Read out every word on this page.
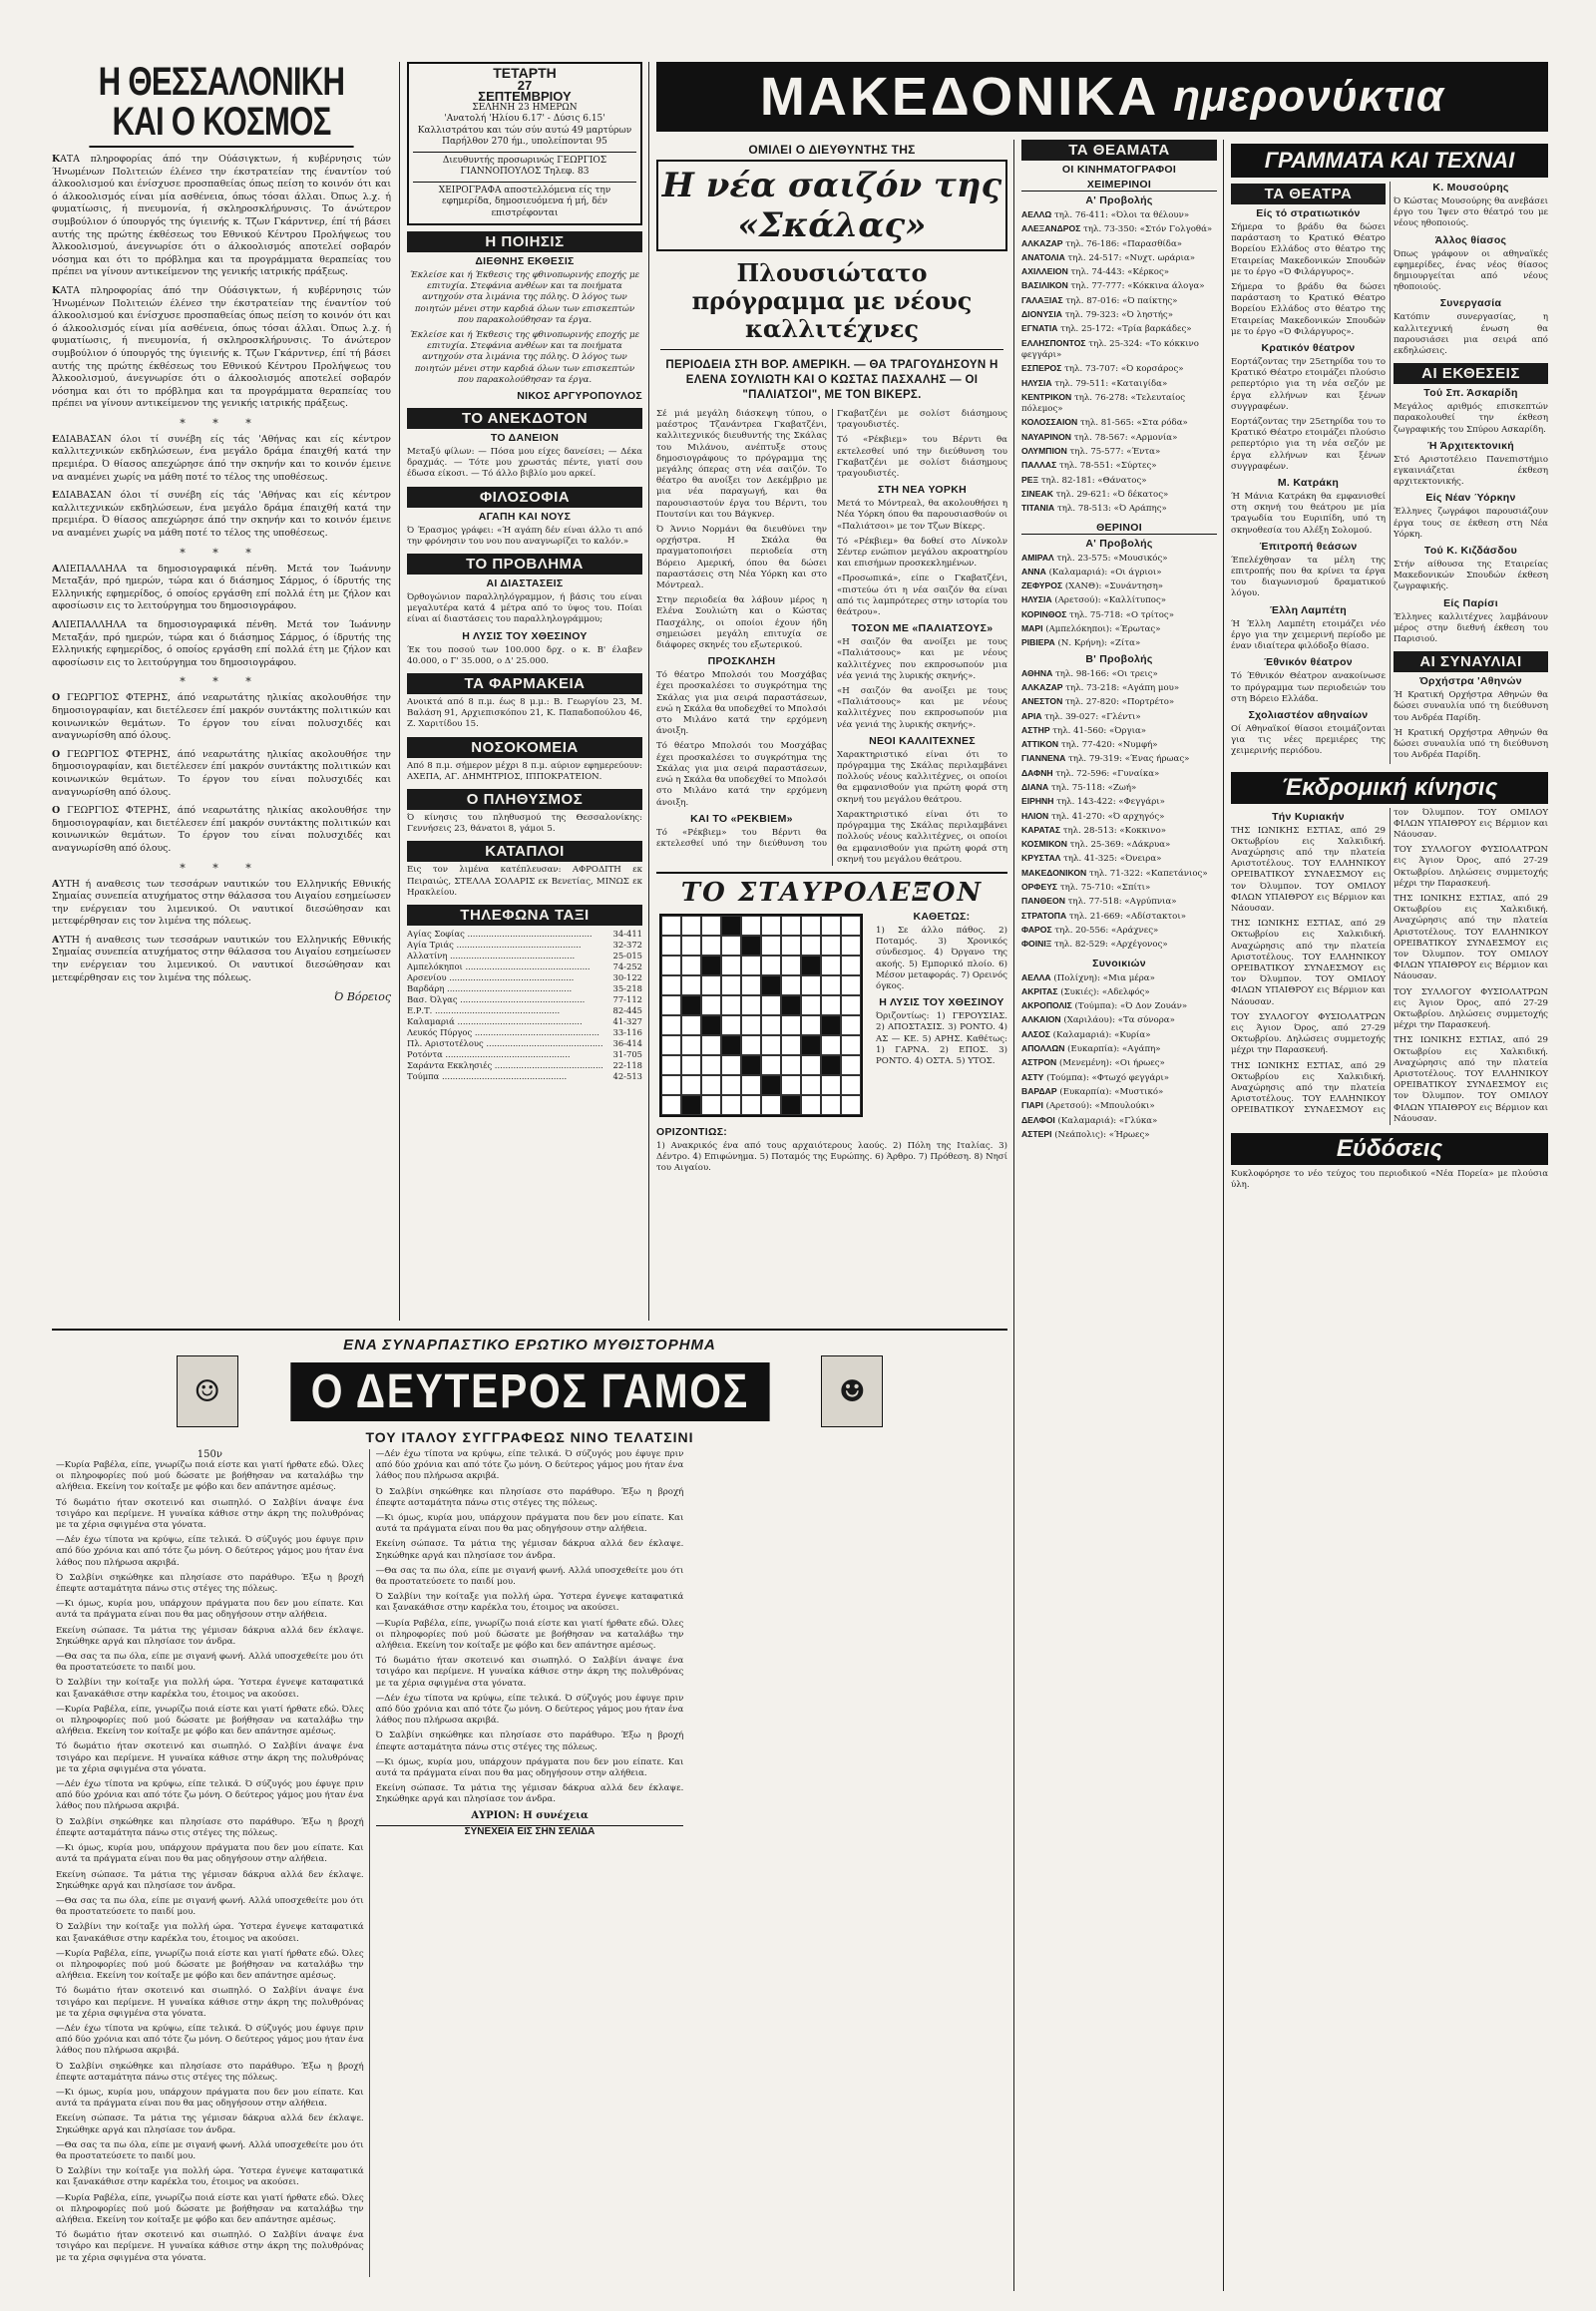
Η ΘΕΣΣΑΛΟΝΙΚΗ ΚΑΙ Ο ΚΟΣΜΟΣ

ΚΑΤΑ πληροφορίας άπό την Ούάσιγκτων, ή κυβέρνησις τών Ήνωμένων Πολιτειών έλένεσ την έκστρατείαν της έναντίον τού άλκοολισμού και ένίσχυσε προσπαθείας όπως πείση το κοινόν ότι και ό άλκοολισμός είναι μία ασθένεια, όπως τόσαι άλλαι. Όπως λ.χ. ή φυματίωσις, ή πνευμονία, ή σκληροσκλήρυνσις. Το άνώτερον συμβούλιον ό ύπουργός της ύγιεινής κ. Τζων Γκάρντνερ, έπί τή βάσει αυτής της πρώτης έκθέσεως του Εθνικού Κέντρου Προλήψεως του Άλκοολισμού, άνεγνωρίσε ότι ο άλκοολισμός αποτελεί σοβαρόν νόσημα και ότι το πρόβλημα και τα προγράμματα θεραπείας του πρέπει να γίνουν αντικείμενον της γενικής ιατρικής πράξεως.

ΚΑΤΑ πληροφορίας άπό την Ούάσιγκτων, ή κυβέρνησις τών Ήνωμένων Πολιτειών έλένεσ την έκστρατείαν της έναντίον τού άλκοολισμού και ένίσχυσε προσπαθείας όπως πείση το κοινόν ότι και ό άλκοολισμός είναι μία ασθένεια, όπως τόσαι άλλαι. Όπως λ.χ. ή φυματίωσις, ή πνευμονία, ή σκληροσκλήρυνσις. Το άνώτερον συμβούλιον ό ύπουργός της ύγιεινής κ. Τζων Γκάρντνερ, έπί τή βάσει αυτής της πρώτης έκθέσεως του Εθνικού Κέντρου Προλήψεως του Άλκοολισμού, άνεγνωρίσε ότι ο άλκοολισμός αποτελεί σοβαρόν νόσημα και ότι το πρόβλημα και τα προγράμματα θεραπείας του πρέπει να γίνουν αντικείμενον της γενικής ιατρικής πράξεως.

* * *

ΕΔΙΑΒΑΣΑΝ όλοι τί συνέβη είς τάς 'Αθήνας και είς κέντρον καλλιτεχνικών εκδηλώσεων, ένα μεγάλο δράμα έπαιχθή κατά την πρεμιέρα. Ό θίασος απεχώρησε άπό την σκηνήν και το κοινόν έμεινε να αναμένει χωρίς να μάθη ποτέ το τέλος της υποθέσεως.

ΕΔΙΑΒΑΣΑΝ όλοι τί συνέβη είς τάς 'Αθήνας και είς κέντρον καλλιτεχνικών εκδηλώσεων, ένα μεγάλο δράμα έπαιχθή κατά την πρεμιέρα. Ό θίασος απεχώρησε άπό την σκηνήν και το κοινόν έμεινε να αναμένει χωρίς να μάθη ποτέ το τέλος της υποθέσεως.

* * *

ΑΛΙΕΠΑΛΛΗΛΑ τα δημοσιογραφικά πένθη. Μετά τον Ίωάννην Μεταξάν, πρό ημερών, τώρα και ό διάσημος Σάρμος, ό ίδρυτής της Ελληνικής εφημερίδος, ό οποίος εργάσθη επί πολλά έτη με ζήλον και αφοσίωσιν εις το λειτούργημα του δημοσιογράφου.

ΑΛΙΕΠΑΛΛΗΛΑ τα δημοσιογραφικά πένθη. Μετά τον Ίωάννην Μεταξάν, πρό ημερών, τώρα και ό διάσημος Σάρμος, ό ίδρυτής της Ελληνικής εφημερίδος, ό οποίος εργάσθη επί πολλά έτη με ζήλον και αφοσίωσιν εις το λειτούργημα του δημοσιογράφου.

* * *

Ο ΓΕΩΡΓΙΟΣ ΦΤΕΡΗΣ, άπό νεαρωτάτης ηλικίας ακολουθήσε την δημοσιογραφίαν, και διετέλεσεν έπί μακρόν συντάκτης πολιτικών και κοινωνικών θεμάτων. Το έργον του είναι πολυσχιδές και αναγνωρίσθη από όλους.

Ο ΓΕΩΡΓΙΟΣ ΦΤΕΡΗΣ, άπό νεαρωτάτης ηλικίας ακολουθήσε την δημοσιογραφίαν, και διετέλεσεν έπί μακρόν συντάκτης πολιτικών και κοινωνικών θεμάτων. Το έργον του είναι πολυσχιδές και αναγνωρίσθη από όλους.

Ο ΓΕΩΡΓΙΟΣ ΦΤΕΡΗΣ, άπό νεαρωτάτης ηλικίας ακολουθήσε την δημοσιογραφίαν, και διετέλεσεν έπί μακρόν συντάκτης πολιτικών και κοινωνικών θεμάτων. Το έργον του είναι πολυσχιδές και αναγνωρίσθη από όλους.

* * *

ΑΥΤΗ ή αναθεσις των τεσσάρων ναυτικών του Ελληνικής Εθνικής Σημαίας συνεπεία ατυχήματος στην θάλασσα του Αιγαίου εσημείωσεν την ενέργειαν του λιμενικού. Οι ναυτικοί διεσώθησαν και μετεφέρθησαν εις τον λιμένα της πόλεως.

ΑΥΤΗ ή αναθεσις των τεσσάρων ναυτικών του Ελληνικής Εθνικής Σημαίας συνεπεία ατυχήματος στην θάλασσα του Αιγαίου εσημείωσεν την ενέργειαν του λιμενικού. Οι ναυτικοί διεσώθησαν και μετεφέρθησαν εις τον λιμένα της πόλεως.

Ό Βόρειος
ΤΕΤΑΡΤΗ
27
ΣΕΠΤΕΜΒΡΙΟΥ
ΣΕΛΗΝΗ 23 ΗΜΕΡΩΝ
'Ανατολή 'Ηλίου 6.17' - Δύσις 6.15'
Καλλιστράτου και τών σύν αυτώ 49 μαρτύρων
Παρήλθον 270 ήμ., υπολείπονται 95
Διευθυντής προσωρινώς ΓΕΩΡΓΙΟΣ ΓΙΑΝΝΟΠΟΥΛΟΣ Τηλεφ. 83
ΧΕΙΡΟΓΡΑΦΑ αποστελλόμενα είς την εφημερίδα, δημοσιευόμενα ή μή, δέν επιστρέφονται
Η ΠΟΙΗΣΙΣ
ΔΙΕΘΝΗΣ ΕΚΘΕΣΙΣ

Έκλείσε και ή Έκθεσις της φθινοπωρινής εποχής με επιτυχία. Στεφάνια ανθέων και τα ποιήματα αντηχούν στα λιμάνια της πόλης. Ό λόγος των ποιητών μένει στην καρδιά όλων των επισκεπτών που παρακολούθησαν τα έργα.

Έκλείσε και ή Έκθεσις της φθινοπωρινής εποχής με επιτυχία. Στεφάνια ανθέων και τα ποιήματα αντηχούν στα λιμάνια της πόλης. Ό λόγος των ποιητών μένει στην καρδιά όλων των επισκεπτών που παρακολούθησαν τα έργα.

ΝΙΚΟΣ ΑΡΓΥΡΟΠΟΥΛΟΣ
ΤΟ ΑΝΕΚΔΟΤΟΝ
ΤΟ ΔΑΝΕΙΟΝ

Μεταξύ φίλων: — Πόσα μου είχες δανείσει; — Δέκα δραχμάς. — Τότε μου χρωστάς πέντε, γιατί σου έδωσα είκοσι. — Τό άλλο βιβλίο μου αρκεί.

ΦΙΛΟΣΟΦΙΑ
ΑΓΑΠΗ ΚΑΙ ΝΟΥΣ

Ό Έρασμος γράφει: «Ή αγάπη δέν είναι άλλο τι από την φρόνησιν του νου που αναγνωρίζει το καλόν.»

ΤΟ ΠΡΟΒΛΗΜΑ
ΑΙ ΔΙΑΣΤΑΣΕΙΣ

Όρθογώνιον παραλληλόγραμμον, ή βάσις του είναι μεγαλυτέρα κατά 4 μέτρα από το ύψος του. Ποίαι είναι αί διαστάσεις του παραλληλογράμμου;

Η ΛΥΣΙΣ ΤΟΥ ΧΘΕΣΙΝΟΥ

Έκ του ποσού των 100.000 δρχ. ο κ. Β' έλαβεν 40.000, ο Γ' 35.000, ο Δ' 25.000.

ΤΑ ΦΑΡΜΑΚΕΙΑ

Ανοικτά από 8 π.μ. έως 8 μ.μ.: Β. Γεωργίου 23, Μ. Βαλάση 91, Αρχιεπισκόπου 21, Κ. Παπαδοπούλου 46, Ζ. Χαριτίδου 15.

ΝΟΣΟΚΟΜΕΙΑ

Από 8 π.μ. σήμερον μέχρι 8 π.μ. αύριον εφημερεύουν: ΑΧΕΠΑ, ΑΓ. ΔΗΜΗΤΡΙΟΣ, ΙΠΠΟΚΡΑΤΕΙΟΝ.

Ο ΠΛΗΘΥΣΜΟΣ

Ό κίνησις του πληθυσμού της Θεσσαλονίκης: Γεννήσεις 23, θάνατοι 8, γάμοι 5.

ΚΑΤΑΠΛΟΙ

Εις τον λιμένα κατέπλευσαν: ΑΦΡΟΔΙΤΗ εκ Πειραιώς, ΣΤΕΛΛΑ ΣΟΛΑΡΙΣ εκ Βενετίας, ΜΙΝΩΣ εκ Ηρακλείου.

ΤΗΛΕΦΩΝΑ ΤΑΞΙ
Αγίας Σοφίας .....	34-411
Αγία Τριάς .....	32-372
Αλλατίνη .....	25-015
Αμπελόκηποι .....	74-252
Αρσενίου .....	30-122
Βαρδάρη .....	35-218
Βασ. Όλγας .....	77-112
Ε.Ρ.Τ. .....	82-445
Καλαμαριά .....	41-327
Λευκός Πύργος .....	33-116
Πλ. Αριστοτέλους .....	36-414
Ροτόντα .....	31-705
Σαράντα Εκκλησιές .....	22-118
Τούμπα .....	42-513
ΜΑΚΕΔΟΝΙΚΑ ημερονύκτια
ΟΜΙΛΕΙ Ο ΔΙΕΥΘΥΝΤΗΣ ΤΗΣ
Η νέα σαιζόν της «Σκάλας»
Πλουσιώτατο πρόγραμμα με νέους καλλιτέχνες
ΠΕΡΙΟΔΕΙΑ ΣΤΗ ΒΟΡ. ΑΜΕΡΙΚΗ. — ΘΑ ΤΡΑΓΟΥΔΗΣΟΥΝ Η ΕΛΕΝΑ ΣΟΥΛΙΩΤΗ ΚΑΙ Ο ΚΩΣΤΑΣ ΠΑΣΧΑΛΗΣ — ΟΙ "ΠΑΛΙΑΤΣΟΙ", ΜΕ ΤΟΝ ΒΙΚΕΡΣ.

Σέ μιά μεγάλη διάσκεψη τύπου, ο μαέστρος Τζανάντρεα Γκαβατζένι, καλλιτεχνικός διευθυντής της Σκάλας του Μιλάνου, ανέπτυξε στους δημοσιογράφους το πρόγραμμα της μεγάλης όπερας στη νέα σαιζόν. Το θέατρο θα ανοίξει τον Δεκέμβριο με μια νέα παραγωγή, και θα παρουσιαστούν έργα του Βέρντι, του Πουτσίνι και του Βάγκνερ.

Ό Άννιο Νορμάνι θα διευθύνει την ορχήστρα. Η Σκάλα θα πραγματοποιήσει περιοδεία στη Βόρειο Αμερική, όπου θα δώσει παραστάσεις στη Νέα Υόρκη και στο Μόντρεαλ.

Στην περιοδεία θα λάβουν μέρος η Ελένα Σουλιώτη και ο Κώστας Πασχάλης, οι οποίοι έχουν ήδη σημειώσει μεγάλη επιτυχία σε διάφορες σκηνές του εξωτερικού.

ΠΡΟΣΚΛΗΣΗ

Τό θέατρο Μπολσόι του Μοσχάβας έχει προσκαλέσει το συγκρότημα της Σκάλας για μια σειρά παραστάσεων, ενώ η Σκάλα θα υποδεχθεί το Μπολσόι στο Μιλάνο κατά την ερχόμενη άνοιξη.

Τό θέατρο Μπολσόι του Μοσχάβας έχει προσκαλέσει το συγκρότημα της Σκάλας για μια σειρά παραστάσεων, ενώ η Σκάλα θα υποδεχθεί το Μπολσόι στο Μιλάνο κατά την ερχόμενη άνοιξη.

ΚΑΙ ΤΟ «ΡΕΚΒΙΕΜ»

Τό «Ρέκβιεμ» του Βέρντι θα εκτελεσθεί υπό την διεύθυνση του Γκαβατζένι με σολίστ διάσημους τραγουδιστές.

Τό «Ρέκβιεμ» του Βέρντι θα εκτελεσθεί υπό την διεύθυνση του Γκαβατζένι με σολίστ διάσημους τραγουδιστές.

ΣΤΗ ΝΕΑ ΥΟΡΚΗ

Μετά το Μόντρεαλ, θα ακολουθήσει η Νέα Υόρκη όπου θα παρουσιασθούν οι «Παλιάτσοι» με τον Τζων Βίκερς.

Τό «Ρέκβιεμ» θα δοθεί στο Λίνκολν Σέντερ ενώπιον μεγάλου ακροατηρίου και επισήμων προσκεκλημένων.

«Προσωπικά», είπε ο Γκαβατζένι, «πιστεύω ότι η νέα σαιζόν θα είναι από τις λαμπρότερες στην ιστορία του θεάτρου».

ΤΟΣΟΝ ΜΕ «ΠΑΛΙΑΤΣΟΥΣ»

«Η σαιζόν θα ανοίξει με τους «Παλιάτσους» και με νέους καλλιτέχνες που εκπροσωπούν μια νέα γενιά της λυρικής σκηνής».

«Η σαιζόν θα ανοίξει με τους «Παλιάτσους» και με νέους καλλιτέχνες που εκπροσωπούν μια νέα γενιά της λυρικής σκηνής».

ΝΕΟΙ ΚΑΛΛΙΤΕΧΝΕΣ

Χαρακτηριστικό είναι ότι το πρόγραμμα της Σκάλας περιλαμβάνει πολλούς νέους καλλιτέχνες, οι οποίοι θα εμφανισθούν για πρώτη φορά στη σκηνή του μεγάλου θεάτρου.

Χαρακτηριστικό είναι ότι το πρόγραμμα της Σκάλας περιλαμβάνει πολλούς νέους καλλιτέχνες, οι οποίοι θα εμφανισθούν για πρώτη φορά στη σκηνή του μεγάλου θεάτρου.

ΤΟ ΣΤΑΥΡΟΛΕΞΟΝ
ΚΑΘΕΤΩΣ:

1) Σε άλλο πάθος. 2) Ποταμός. 3) Χρονικός σύνδεσμος. 4) Όργανο της ακοής. 5) Εμπορικό πλοίο. 6) Μέσον μεταφοράς. 7) Ορεινός όγκος.

Η ΛΥΣΙΣ ΤΟΥ ΧΘΕΣΙΝΟΥ

Όριζοντίως: 1) ΓΕΡΟΥΣΙΑΣ. 2) ΑΠΟΣΤΑΣΙΣ. 3) ΡΟΝΤΟ. 4) ΑΣ — ΚΕ. 5) ΑΡΗΣ. Καθέτως: 1) ΓΑΡΝΑ. 2) ΕΠΟΣ. 3) ΡΟΝΤΟ. 4) ΟΣΤΑ. 5) ΥΤΟΣ.

ΟΡΙΖΟΝΤΙΩΣ:

1) Ανακρικός ένα από τους αρχαιότερους λαούς. 2) Πόλη της Ιταλίας. 3) Δέντρο. 4) Επιφώνημα. 5) Ποταμός της Ευρώπης. 6) Άρθρο. 7) Πρόθεση. 8) Νησί του Αιγαίου.

ΤΑ ΘΕΑΜΑΤΑ
ΟΙ ΚΙΝΗΜΑΤΟΓΡΑΦΟΙ
ΧΕΙΜΕΡΙΝΟΙ
Α' Προβολής
ΑΕΛΛΩ τηλ. 76-411: «Όλοι τα θέλουν»
ΑΛΕΞΑΝΔΡΟΣ τηλ. 73-350: «Στόν Γολγοθά»
ΑΛΚΑΖΑΡ τηλ. 76-186: «Παρασθίδα»
ΑΝΑΤΟΛΙΑ τηλ. 24-517: «Νυχτ. ωράρια»
ΑΧΙΛΛΕΙΟΝ τηλ. 74-443: «Κέρκος»
ΒΑΣΙΛΙΚΟΝ τηλ. 77-777: «Κόκκινα άλογα»
ΓΑΛΑΞΙΑΣ τηλ. 87-016: «Ό παίκτης»
ΔΙΟΝΥΣΙΑ τηλ. 79-323: «Ό ληστής»
ΕΓΝΑΤΙΑ τηλ. 25-172: «Τρία βαρκάδες»
ΕΛΛΗΣΠΟΝΤΟΣ τηλ. 25-324: «Το κόκκινο φεγγάρι»
ΕΣΠΕΡΟΣ τηλ. 73-707: «Ό κορσάρος»
ΗΛΥΣΙΑ τηλ. 79-511: «Καταιγίδα»
ΚΕΝΤΡΙΚΟΝ τηλ. 76-278: «Τελευταίος πόλεμος»
ΚΟΛΟΣΣΑΙΟΝ τηλ. 81-565: «Στα ρόδα»
ΝΑΥΑΡΙΝΟΝ τηλ. 78-567: «Αρμονία»
ΟΛΥΜΠΙΟΝ τηλ. 75-577: «Έντα»
ΠΑΛΛΑΣ τηλ. 78-551: «Σύρτες»
ΡΕΞ τηλ. 82-181: «Θάνατος»
ΣΙΝΕΑΚ τηλ. 29-621: «Ό δέκατος»
ΤΙΤΑΝΙΑ τηλ. 78-513: «Ό Αράπης»
ΘΕΡΙΝΟΙ
Α' Προβολής
ΑΜΙΡΑΛ τηλ. 23-575: «Μουσικός»
ΑΝΝΑ (Καλαμαριά): «Οι άγριοι»
ΖΕΦΥΡΟΣ (ΧΑΝΘ): «Συνάντηση»
ΗΛΥΣΙΑ (Αρετσού): «Καλλίτυπος»
ΚΟΡΙΝΘΟΣ τηλ. 75-718: «Ο τρίτος»
ΜΑΡΙ (Αμπελόκηποι): «Έρωτας»
ΡΙΒΙΕΡΑ (Ν. Κρήνη): «Ζίτα»
Β' Προβολής
ΑΘΗΝΑ τηλ. 98-166: «Οι τρεις»
ΑΛΚΑΖΑΡ τηλ. 73-218: «Αγάπη μου»
ΑΝΕΣΤΟΝ τηλ. 27-820: «Πορτρέτο»
ΑΡΙΑ τηλ. 39-027: «Γλέντι»
ΑΣΤΗΡ τηλ. 41-560: «Όργια»
ΑΤΤΙΚΟΝ τηλ. 77-420: «Νυμφή»
ΓΙΑΝΝΕΝΑ τηλ. 79-319: «Ένας ήρωας»
ΔΑΦΝΗ τηλ. 72-596: «Γυναίκα»
ΔΙΑΝΑ τηλ. 75-118: «Ζωή»
ΕΙΡΗΝΗ τηλ. 143-422: «Φεγγάρι»
ΗΛΙΟΝ τηλ. 41-270: «Ό αρχηγός»
ΚΑΡΑΤΑΣ τηλ. 28-513: «Κοκκινο»
ΚΟΣΜΙΚΟΝ τηλ. 25-369: «Δάκρυα»
ΚΡΥΣΤΑΛ τηλ. 41-325: «Όνειρα»
ΜΑΚΕΔΟΝΙΚΟΝ τηλ. 71-322: «Καπετάνιος»
ΟΡΦΕΥΣ τηλ. 75-710: «Σπίτι»
ΠΑΝΘΕΟΝ τηλ. 77-518: «Αγρύπνια»
ΣΤΡΑΤΟΠΑ τηλ. 21-669: «Αδίστακτοι»
ΦΑΡΟΣ τηλ. 20-556: «Αράχνες»
ΦΟΙΝΙΞ τηλ. 82-529: «Αρχέγονος»
Συνοικιών
ΑΕΛΛΑ (Πολίχνη): «Μια μέρα»
ΑΚΡΙΤΑΣ (Συκιές): «Αδελφός»
ΑΚΡΟΠΟΛΙΣ (Τούμπα): «Ό Δον Ζουάν»
ΑΛΚΑΙΟΝ (Χαριλάου): «Τα σύνορα»
ΑΛΣΟΣ (Καλαμαριά): «Κυρία»
ΑΠΟΛΛΩΝ (Ευκαρπία): «Αγάπη»
ΑΣΤΡΟΝ (Μενεμένη): «Οι ήρωες»
ΑΣΤΥ (Τούμπα): «Φτωχό φεγγάρι»
ΒΑΡΔΑΡ (Ευκαρπία): «Μυστικό»
ΓΙΑΡΙ (Αρετσού): «Μπουλούκι»
ΔΕΛΦΟΙ (Καλαμαριά): «Γλύκα»
ΑΣΤΕΡΙ (Νεάπολις): «Ήρωες»
ΓΡΑΜΜΑΤΑ ΚΑΙ ΤΕΧΝΑΙ
ΤΑ ΘΕΑΤΡΑ
Είς τό στρατιωτικόν

Σήμερα το βράδυ θα δώσει παράσταση το Κρατικό Θέατρο Βορείου Ελλάδος στο θέατρο της Εταιρείας Μακεδονικών Σπουδών με το έργο «Ό Φιλάργυρος».

Σήμερα το βράδυ θα δώσει παράσταση το Κρατικό Θέατρο Βορείου Ελλάδος στο θέατρο της Εταιρείας Μακεδονικών Σπουδών με το έργο «Ό Φιλάργυρος».

Κρατικόν θέατρον

Εορτάζοντας την 25ετηρίδα του το Κρατικό Θέατρο ετοιμάζει πλούσιο ρεπερτόριο για τη νέα σεζόν με έργα ελλήνων και ξένων συγγραφέων.

Εορτάζοντας την 25ετηρίδα του το Κρατικό Θέατρο ετοιμάζει πλούσιο ρεπερτόριο για τη νέα σεζόν με έργα ελλήνων και ξένων συγγραφέων.

Μ. Κατράκη

Ή Μάνια Κατράκη θα εμφανισθεί στη σκηνή του θεάτρου με μία τραγωδία του Ευριπίδη, υπό τη σκηνοθεσία του Αλέξη Σολομού.

Έπιτροπή θεάσων

Έπελέχθησαν τα μέλη της επιτροπής που θα κρίνει τα έργα του διαγωνισμού δραματικού λόγου.

Έλλη Λαμπέτη

Ή Έλλη Λαμπέτη ετοιμάζει νέο έργο για την χειμερινή περίοδο με έναν ιδιαίτερα φιλόδοξο θίασο.

Έθνικόν θέατρον

Τό Έθνικόν Θέατρον ανακοίνωσε το πρόγραμμα των περιοδειών του στη Βόρειο Ελλάδα.

Σχολιαστέον αθηναίων

Οί Αθηναϊκοί θίασοι ετοιμάζονται για τις νέες πρεμιέρες της χειμερινής περιόδου.

Κ. Μουσούρης

Ό Κώστας Μουσούρης θα ανεβάσει έργο του Ίψεν στο θέατρό του με νέους ηθοποιούς.

Άλλος θίασος

Όπως γράφουν οι αθηναϊκές εφημερίδες, ένας νέος θίασος δημιουργείται από νέους ηθοποιούς.

Συνεργασία

Κατόπιν συνεργασίας, η καλλιτεχνική ένωση θα παρουσιάσει μια σειρά από εκδηλώσεις.

ΑΙ ΕΚΘΕΣΕΙΣ
Τού Σπ. Άσκαρίδη

Μεγάλος αριθμός επισκεπτών παρακολουθεί την έκθεση ζωγραφικής του Σπύρου Ασκαρίδη.

Ή Άρχιτεκτονική

Στό Αριστοτέλειο Πανεπιστήμιο εγκαινιάζεται έκθεση αρχιτεκτονικής.

Είς Νέαν Ύόρκην

Έλληνες ζωγράφοι παρουσιάζουν έργα τους σε έκθεση στη Νέα Υόρκη.

Τού Κ. Κιζδάσδου

Στήν αίθουσα της Εταιρείας Μακεδονικών Σπουδών έκθεση ζωγραφικής.

Είς Παρίσι

Έλληνες καλλιτέχνες λαμβάνουν μέρος στην διεθνή έκθεση του Παρισιού.

ΑΙ ΣΥΝΑΥΛΙΑΙ
Όρχήστρα 'Αθηνών

Ή Κρατική Ορχήστρα Αθηνών θα δώσει συναυλία υπό τη διεύθυνση του Ανδρέα Παρίδη.

Ή Κρατική Ορχήστρα Αθηνών θα δώσει συναυλία υπό τη διεύθυνση του Ανδρέα Παρίδη.

Έκδρομική κίνησις
Τήν Κυριακήν

ΤΗΣ ΙΩΝΙΚΗΣ ΕΣΤΙΑΣ, από 29 Οκτωβρίου εις Χαλκιδική. Αναχώρησις από την πλατεία Αριστοτέλους. ΤΟΥ ΕΛΛΗΝΙΚΟΥ ΟΡΕΙΒΑΤΙΚΟΥ ΣΥΝΔΕΣΜΟΥ εις τον Όλυμπον. ΤΟΥ ΟΜΙΛΟΥ ΦΙΛΩΝ ΥΠΑΙΘΡΟΥ εις Βέρμιον και Νάουσαν.

ΤΗΣ ΙΩΝΙΚΗΣ ΕΣΤΙΑΣ, από 29 Οκτωβρίου εις Χαλκιδική. Αναχώρησις από την πλατεία Αριστοτέλους. ΤΟΥ ΕΛΛΗΝΙΚΟΥ ΟΡΕΙΒΑΤΙΚΟΥ ΣΥΝΔΕΣΜΟΥ εις τον Όλυμπον. ΤΟΥ ΟΜΙΛΟΥ ΦΙΛΩΝ ΥΠΑΙΘΡΟΥ εις Βέρμιον και Νάουσαν.

ΤΟΥ ΣΥΛΛΟΓΟΥ ΦΥΣΙΟΛΑΤΡΩΝ εις Άγιον Όρος, από 27-29 Οκτωβρίου. Δηλώσεις συμμετοχής μέχρι την Παρασκευή.

ΤΗΣ ΙΩΝΙΚΗΣ ΕΣΤΙΑΣ, από 29 Οκτωβρίου εις Χαλκιδική. Αναχώρησις από την πλατεία Αριστοτέλους. ΤΟΥ ΕΛΛΗΝΙΚΟΥ ΟΡΕΙΒΑΤΙΚΟΥ ΣΥΝΔΕΣΜΟΥ εις τον Όλυμπον. ΤΟΥ ΟΜΙΛΟΥ ΦΙΛΩΝ ΥΠΑΙΘΡΟΥ εις Βέρμιον και Νάουσαν.

ΤΟΥ ΣΥΛΛΟΓΟΥ ΦΥΣΙΟΛΑΤΡΩΝ εις Άγιον Όρος, από 27-29 Οκτωβρίου. Δηλώσεις συμμετοχής μέχρι την Παρασκευή.

ΤΗΣ ΙΩΝΙΚΗΣ ΕΣΤΙΑΣ, από 29 Οκτωβρίου εις Χαλκιδική. Αναχώρησις από την πλατεία Αριστοτέλους. ΤΟΥ ΕΛΛΗΝΙΚΟΥ ΟΡΕΙΒΑΤΙΚΟΥ ΣΥΝΔΕΣΜΟΥ εις τον Όλυμπον. ΤΟΥ ΟΜΙΛΟΥ ΦΙΛΩΝ ΥΠΑΙΘΡΟΥ εις Βέρμιον και Νάουσαν.

ΤΟΥ ΣΥΛΛΟΓΟΥ ΦΥΣΙΟΛΑΤΡΩΝ εις Άγιον Όρος, από 27-29 Οκτωβρίου. Δηλώσεις συμμετοχής μέχρι την Παρασκευή.

ΤΗΣ ΙΩΝΙΚΗΣ ΕΣΤΙΑΣ, από 29 Οκτωβρίου εις Χαλκιδική. Αναχώρησις από την πλατεία Αριστοτέλους. ΤΟΥ ΕΛΛΗΝΙΚΟΥ ΟΡΕΙΒΑΤΙΚΟΥ ΣΥΝΔΕΣΜΟΥ εις τον Όλυμπον. ΤΟΥ ΟΜΙΛΟΥ ΦΙΛΩΝ ΥΠΑΙΘΡΟΥ εις Βέρμιον και Νάουσαν.

Εύδόσεις

Κυκλοφόρησε το νέο τεύχος του περιοδικού «Νέα Πορεία» με πλούσια ύλη.

ΕΝΑ ΣΥΝΑΡΠΑΣΤΙΚΟ ΕΡΩΤΙΚΟ ΜΥΘΙΣΤΟΡΗΜΑ
☺	Ο ΔΕΥΤΕΡΟΣ ΓΑΜΟΣ	☻
ΤΟΥ ΙΤΑΛΟΥ ΣΥΓΓΡΑΦΕΩΣ ΝΙΝΟ ΤΕΛΑΤΣΙΝΙ
150ν

—Κυρία Ραβέλα, είπε, γνωρίζω ποιά είστε και γιατί ήρθατε εδώ. Όλες οι πληροφορίες πού μού δώσατε με βοήθησαν να καταλάβω την αλήθεια. Εκείνη τον κοίταξε με φόβο και δεν απάντησε αμέσως.

Τό δωμάτιο ήταν σκοτεινό και σιωπηλό. Ο Σαλβίνι άναψε ένα τσιγάρο και περίμενε. Η γυναίκα κάθισε στην άκρη της πολυθρόνας με τα χέρια σφιγμένα στα γόνατα.

—Δέν έχω τίποτα να κρύψω, είπε τελικά. Ό σύζυγός μου έφυγε πριν από δύο χρόνια και από τότε ζω μόνη. Ο δεύτερος γάμος μου ήταν ένα λάθος που πλήρωσα ακριβά.

Ό Σαλβίνι σηκώθηκε και πλησίασε στο παράθυρο. Έξω η βροχή έπεφτε ασταμάτητα πάνω στις στέγες της πόλεως.

—Κι όμως, κυρία μου, υπάρχουν πράγματα που δεν μου είπατε. Και αυτά τα πράγματα είναι που θα μας οδηγήσουν στην αλήθεια.

Εκείνη σώπασε. Τα μάτια της γέμισαν δάκρυα αλλά δεν έκλαψε. Σηκώθηκε αργά και πλησίασε τον άνδρα.

—Θα σας τα πω όλα, είπε με σιγανή φωνή. Αλλά υποσχεθείτε μου ότι θα προστατεύσετε το παιδί μου.

Ό Σαλβίνι την κοίταξε για πολλή ώρα. Ύστερα έγνεψε καταφατικά και ξανακάθισε στην καρέκλα του, έτοιμος να ακούσει.

—Κυρία Ραβέλα, είπε, γνωρίζω ποιά είστε και γιατί ήρθατε εδώ. Όλες οι πληροφορίες πού μού δώσατε με βοήθησαν να καταλάβω την αλήθεια. Εκείνη τον κοίταξε με φόβο και δεν απάντησε αμέσως.

Τό δωμάτιο ήταν σκοτεινό και σιωπηλό. Ο Σαλβίνι άναψε ένα τσιγάρο και περίμενε. Η γυναίκα κάθισε στην άκρη της πολυθρόνας με τα χέρια σφιγμένα στα γόνατα.

—Δέν έχω τίποτα να κρύψω, είπε τελικά. Ό σύζυγός μου έφυγε πριν από δύο χρόνια και από τότε ζω μόνη. Ο δεύτερος γάμος μου ήταν ένα λάθος που πλήρωσα ακριβά.

Ό Σαλβίνι σηκώθηκε και πλησίασε στο παράθυρο. Έξω η βροχή έπεφτε ασταμάτητα πάνω στις στέγες της πόλεως.

—Κι όμως, κυρία μου, υπάρχουν πράγματα που δεν μου είπατε. Και αυτά τα πράγματα είναι που θα μας οδηγήσουν στην αλήθεια.

Εκείνη σώπασε. Τα μάτια της γέμισαν δάκρυα αλλά δεν έκλαψε. Σηκώθηκε αργά και πλησίασε τον άνδρα.

—Θα σας τα πω όλα, είπε με σιγανή φωνή. Αλλά υποσχεθείτε μου ότι θα προστατεύσετε το παιδί μου.

Ό Σαλβίνι την κοίταξε για πολλή ώρα. Ύστερα έγνεψε καταφατικά και ξανακάθισε στην καρέκλα του, έτοιμος να ακούσει.

—Κυρία Ραβέλα, είπε, γνωρίζω ποιά είστε και γιατί ήρθατε εδώ. Όλες οι πληροφορίες πού μού δώσατε με βοήθησαν να καταλάβω την αλήθεια. Εκείνη τον κοίταξε με φόβο και δεν απάντησε αμέσως.

Τό δωμάτιο ήταν σκοτεινό και σιωπηλό. Ο Σαλβίνι άναψε ένα τσιγάρο και περίμενε. Η γυναίκα κάθισε στην άκρη της πολυθρόνας με τα χέρια σφιγμένα στα γόνατα.

—Δέν έχω τίποτα να κρύψω, είπε τελικά. Ό σύζυγός μου έφυγε πριν από δύο χρόνια και από τότε ζω μόνη. Ο δεύτερος γάμος μου ήταν ένα λάθος που πλήρωσα ακριβά.

Ό Σαλβίνι σηκώθηκε και πλησίασε στο παράθυρο. Έξω η βροχή έπεφτε ασταμάτητα πάνω στις στέγες της πόλεως.

—Κι όμως, κυρία μου, υπάρχουν πράγματα που δεν μου είπατε. Και αυτά τα πράγματα είναι που θα μας οδηγήσουν στην αλήθεια.

Εκείνη σώπασε. Τα μάτια της γέμισαν δάκρυα αλλά δεν έκλαψε. Σηκώθηκε αργά και πλησίασε τον άνδρα.

—Θα σας τα πω όλα, είπε με σιγανή φωνή. Αλλά υποσχεθείτε μου ότι θα προστατεύσετε το παιδί μου.

Ό Σαλβίνι την κοίταξε για πολλή ώρα. Ύστερα έγνεψε καταφατικά και ξανακάθισε στην καρέκλα του, έτοιμος να ακούσει.

—Κυρία Ραβέλα, είπε, γνωρίζω ποιά είστε και γιατί ήρθατε εδώ. Όλες οι πληροφορίες πού μού δώσατε με βοήθησαν να καταλάβω την αλήθεια. Εκείνη τον κοίταξε με φόβο και δεν απάντησε αμέσως.

Τό δωμάτιο ήταν σκοτεινό και σιωπηλό. Ο Σαλβίνι άναψε ένα τσιγάρο και περίμενε. Η γυναίκα κάθισε στην άκρη της πολυθρόνας με τα χέρια σφιγμένα στα γόνατα.

—Δέν έχω τίποτα να κρύψω, είπε τελικά. Ό σύζυγός μου έφυγε πριν από δύο χρόνια και από τότε ζω μόνη. Ο δεύτερος γάμος μου ήταν ένα λάθος που πλήρωσα ακριβά.

Ό Σαλβίνι σηκώθηκε και πλησίασε στο παράθυρο. Έξω η βροχή έπεφτε ασταμάτητα πάνω στις στέγες της πόλεως.

—Κι όμως, κυρία μου, υπάρχουν πράγματα που δεν μου είπατε. Και αυτά τα πράγματα είναι που θα μας οδηγήσουν στην αλήθεια.

Εκείνη σώπασε. Τα μάτια της γέμισαν δάκρυα αλλά δεν έκλαψε. Σηκώθηκε αργά και πλησίασε τον άνδρα.

—Θα σας τα πω όλα, είπε με σιγανή φωνή. Αλλά υποσχεθείτε μου ότι θα προστατεύσετε το παιδί μου.

Ό Σαλβίνι την κοίταξε για πολλή ώρα. Ύστερα έγνεψε καταφατικά και ξανακάθισε στην καρέκλα του, έτοιμος να ακούσει.

—Κυρία Ραβέλα, είπε, γνωρίζω ποιά είστε και γιατί ήρθατε εδώ. Όλες οι πληροφορίες πού μού δώσατε με βοήθησαν να καταλάβω την αλήθεια. Εκείνη τον κοίταξε με φόβο και δεν απάντησε αμέσως.

Τό δωμάτιο ήταν σκοτεινό και σιωπηλό. Ο Σαλβίνι άναψε ένα τσιγάρο και περίμενε. Η γυναίκα κάθισε στην άκρη της πολυθρόνας με τα χέρια σφιγμένα στα γόνατα.

—Δέν έχω τίποτα να κρύψω, είπε τελικά. Ό σύζυγός μου έφυγε πριν από δύο χρόνια και από τότε ζω μόνη. Ο δεύτερος γάμος μου ήταν ένα λάθος που πλήρωσα ακριβά.

Ό Σαλβίνι σηκώθηκε και πλησίασε στο παράθυρο. Έξω η βροχή έπεφτε ασταμάτητα πάνω στις στέγες της πόλεως.

—Κι όμως, κυρία μου, υπάρχουν πράγματα που δεν μου είπατε. Και αυτά τα πράγματα είναι που θα μας οδηγήσουν στην αλήθεια.

Εκείνη σώπασε. Τα μάτια της γέμισαν δάκρυα αλλά δεν έκλαψε. Σηκώθηκε αργά και πλησίασε τον άνδρα.

ΑΥΡΙΟΝ: Η συνέχεια
ΣΥΝΕΧΕΙΑ ΕΙΣ ΣΗΝ ΣΕΛΙΔΑ
